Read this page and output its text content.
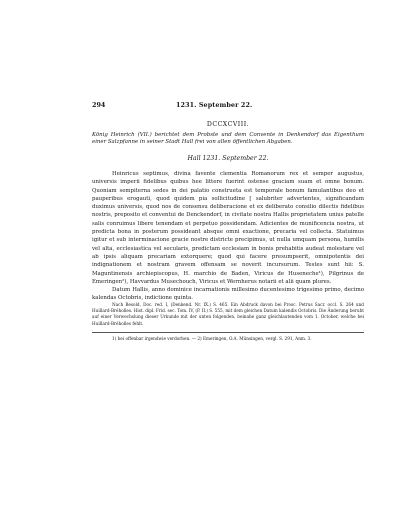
294	1231. September 22.
DCCXCVIII.
König Heinrich (VII.) berichtet dem Probste und dem Convente in Denkendorf das Eigenthum einer Salzpfanne in seiner Stadt Hall frei von allen öffentlichen Abgaben.
Hall 1231. September 22.

Heinricus septimus, divina favente clementia Romanorum rex et semper augustus, universis imperii fidelibus quibus hee littere fuerint ostense graciam suam et omne bonum. Quoniam sempiterna sedes in dei palatio construeta est temporale bonum famulantibus deo et pauperibus erogauti, quod quidem pia sollicitudine [ salubriter advertentes, significandum duximus universis, quod nos de consensu deliberacione et ex deliberato consilio dilectis fidelibus nostris, preposito et conventui de Denckendorf, in civitate nostra Hallis proprietatem unius patelle salis conruimus libere tenendam et perpetuo possidendam. Adicientes de munificencia nostra, ut predicta bona in posterum possideant absque omni exactione, precaria vel collecta. Statuimus igitur et sub interminacione gracie nostre districte precipimus, ut nulla umquam persona, humilis vel alta, ecclesiastica vel secularis, predictam ecclesiam in bonis prehabitis audeat molestare vel ab ipsis aliquam precariam extorquere; quod qui facere presumpserit, omnipotentis dei indignationem et nostram gravem offensam se noverit incursurum. Testes sunt hii: S. Maguntinensis archiepiscopus, H. marchio de Baden, Viricus de Huseneche¹), Pilgrinus de Emeringen²), Havvardus Musechouch, Viricus et Wernherus notarii et alii quam plures.

Datum Hallis, anno dominice incarnationis millesimo ducentesimo trigesimo primo, decimo kalendas Octobris, indictione quinta.

Nach Besold, Doc. red. I, (Denkend. Nr. IX.) S. 465. Ein Abdruck davon bei Prosc. Petrus Sacr. occl. S. 264 und Huillard-Bréholles. Hist. dipl. Frid. sec. Tom. IV, (P. II.) S. 555, mit dem gleichen Datum kalendis Octobris. Die Änderung beruht auf einer Verwechslung dieser Urkunde mit der unten folgenden, beinahe ganz gleichlautenden vom 1. October, welche bei Huillard-Bréholles fehlt.

1) bei offenbar irgendwie verdorben. — 2) Emeringen, O.A. Münsingen, vergl. S. 291, Anm. 3.
